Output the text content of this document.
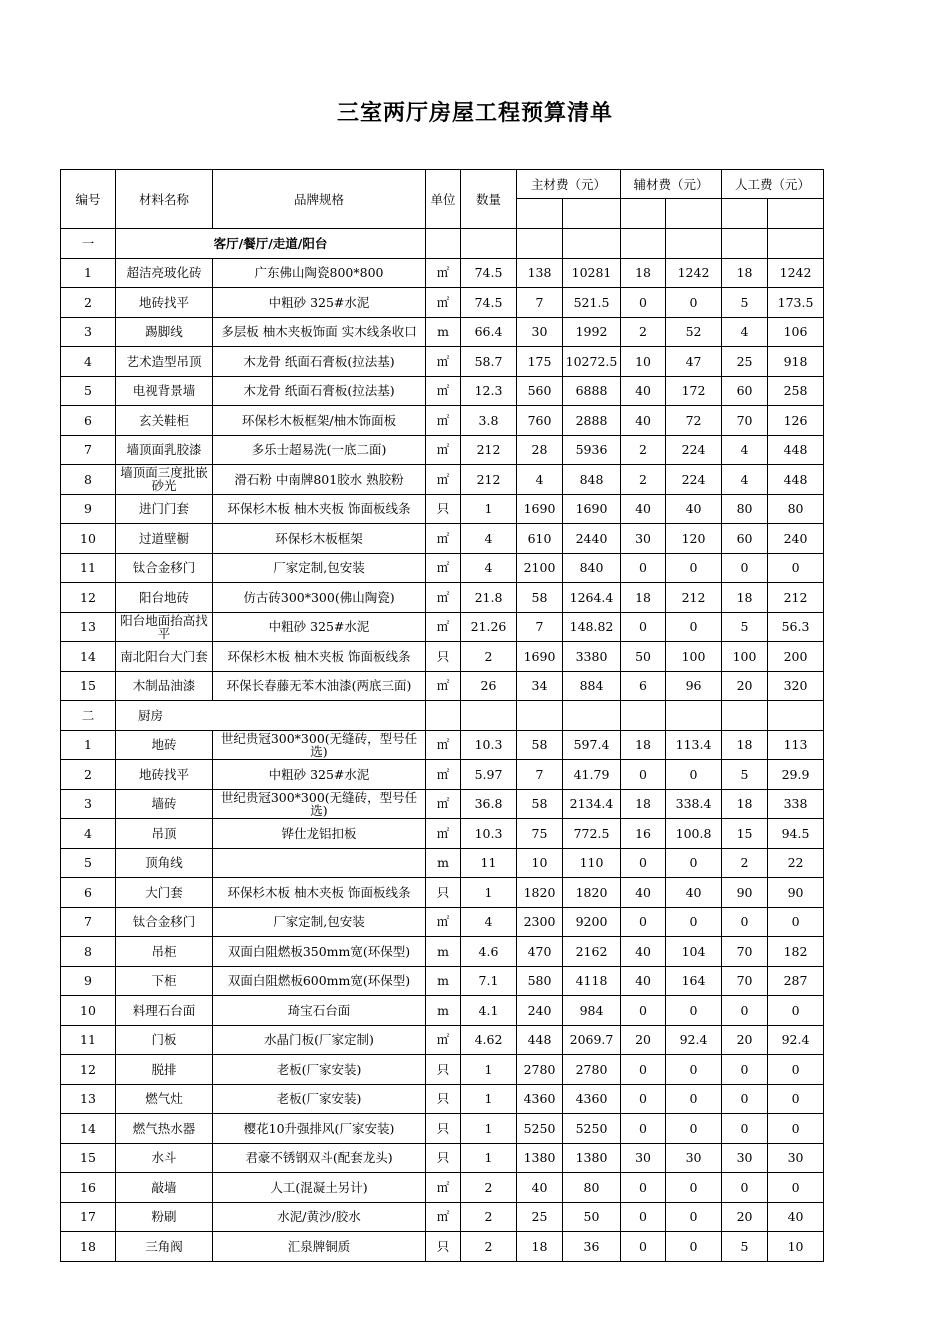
三室两厅房屋工程预算清单
编号	材料名称	品牌规格	单位	数量	主材费（元）		辅材费（元）		人工费（元）	

一	客厅/餐厅/走道/阳台									
1	超洁亮玻化砖	广东佛山陶瓷800*800	㎡	74.5	138	10281	18	1242	18	1242
2	地砖找平	中粗砂 325#水泥	㎡	74.5	7	521.5	0	0	5	173.5
3	踢脚线	多层板 柚木夹板饰面 实木线条收口	m	66.4	30	1992	2	52	4	106
4	艺术造型吊顶	木龙骨 纸面石膏板(拉法基)	㎡	58.7	175	10272.5	10	47	25	918
5	电视背景墙	木龙骨 纸面石膏板(拉法基)	㎡	12.3	560	6888	40	172	60	258
6	玄关鞋柜	环保杉木板框架/柚木饰面板	㎡	3.8	760	2888	40	72	70	126
7	墙顶面乳胶漆	多乐士超易洗(一底二面)	㎡	212	28	5936	2	224	4	448
8	墙顶面三度批嵌 砂光	滑石粉 中南牌801胶水 熟胶粉	㎡	212	4	848	2	224	4	448
9	进门门套	环保杉木板 柚木夹板 饰面板线条	只	1	1690	1690	40	40	80	80
10	过道壁橱	环保杉木板框架	㎡	4	610	2440	30	120	60	240
11	钛合金移门	厂家定制,包安装	㎡	4	2100	840	0	0	0	0
12	阳台地砖	仿古砖300*300(佛山陶瓷)	㎡	21.8	58	1264.4	18	212	18	212
13	阳台地面抬高找平	中粗砂 325#水泥	㎡	21.26	7	148.82	0	0	5	56.3
14	南北阳台大门套	环保杉木板 柚木夹板 饰面板线条	只	2	1690	3380	50	100	100	200
15	木制品油漆	环保长春藤无苯木油漆(两底三面)	㎡	26	34	884	6	96	20	320
二	厨房									
1	地砖	世纪贵冠300*300(无缝砖，型号任选)	㎡	10.3	58	597.4	18	113.4	18	113
2	地砖找平	中粗砂 325#水泥	㎡	5.97	7	41.79	0	0	5	29.9
3	墙砖	世纪贵冠300*300(无缝砖，型号任选)	㎡	36.8	58	2134.4	18	338.4	18	338
4	吊顶	铧仕龙铝扣板	㎡	10.3	75	772.5	16	100.8	15	94.5
5	顶角线		m	11	10	110	0	0	2	22
6	大门套	环保杉木板 柚木夹板 饰面板线条	只	1	1820	1820	40	40	90	90
7	钛合金移门	厂家定制,包安装	㎡	4	2300	9200	0	0	0	0
8	吊柜	双面白阻燃板350mm宽(环保型)	m	4.6	470	2162	40	104	70	182
9	下柜	双面白阻燃板600mm宽(环保型)	m	7.1	580	4118	40	164	70	287
10	料理石台面	琦宝石台面	m	4.1	240	984	0	0	0	0
11	门板	水晶门板(厂家定制)	㎡	4.62	448	2069.7	20	92.4	20	92.4
12	脱排	老板(厂家安装)	只	1	2780	2780	0	0	0	0
13	燃气灶	老板(厂家安装)	只	1	4360	4360	0	0	0	0
14	燃气热水器	樱花10升强排风(厂家安装)	只	1	5250	5250	0	0	0	0
15	水斗	君豪不锈钢双斗(配套龙头)	只	1	1380	1380	30	30	30	30
16	敲墙	人工(混凝土另计)	㎡	2	40	80	0	0	0	0
17	粉刷	水泥/黄沙/胶水	㎡	2	25	50	0	0	20	40
18	三角阀	汇泉牌铜质	只	2	18	36	0	0	5	10
